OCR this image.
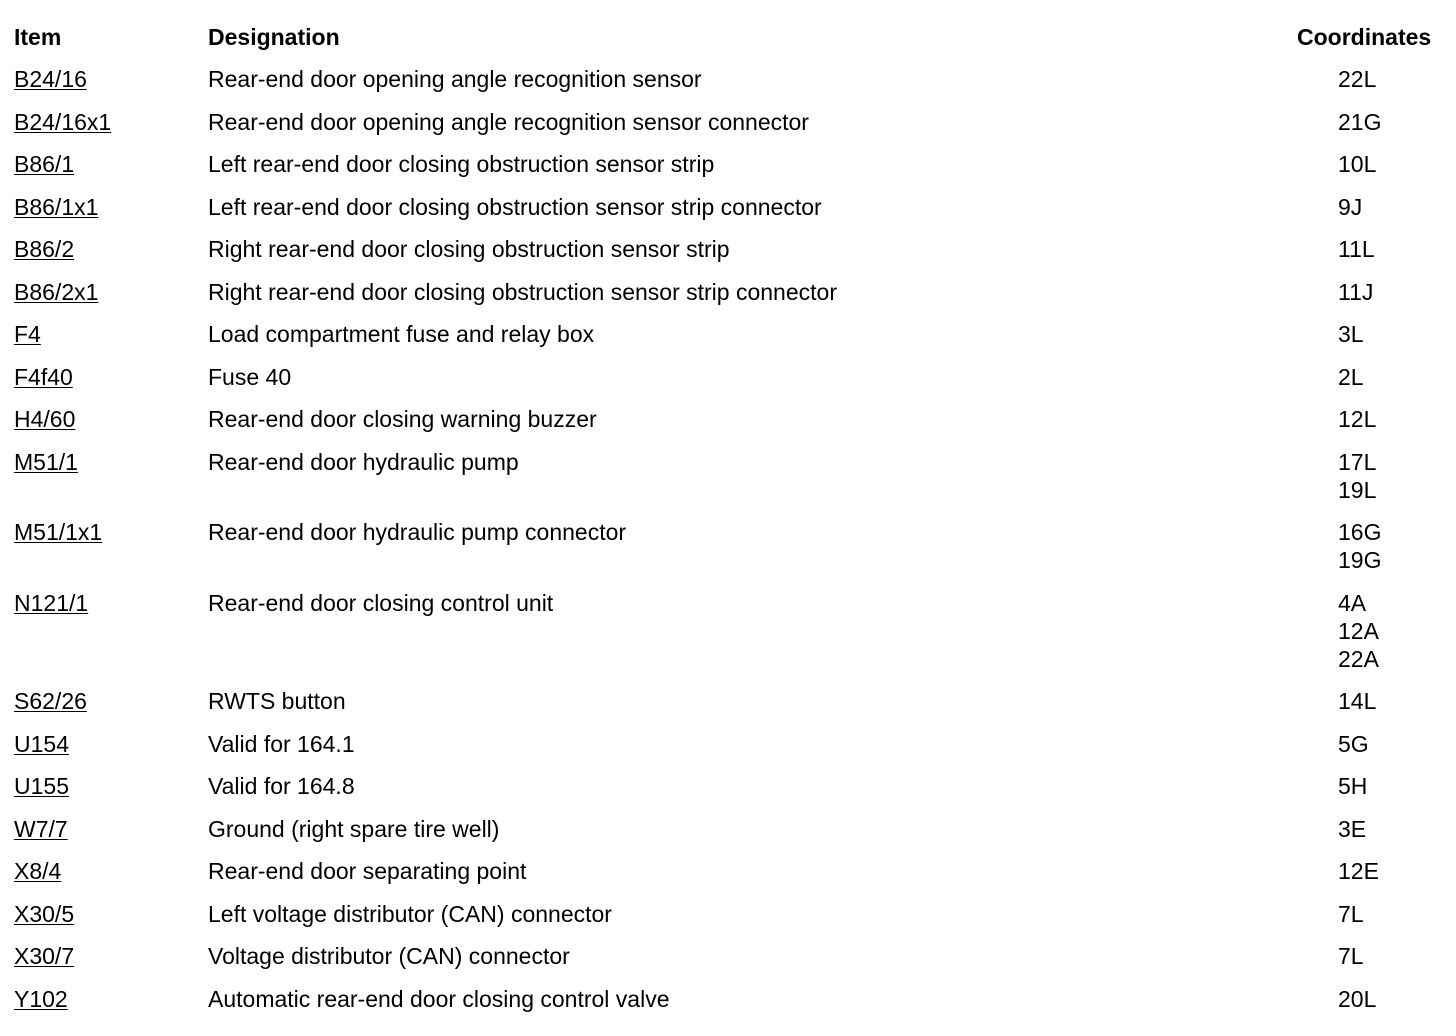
Item	Designation	Coordinates
B24/16	Rear-end door opening angle recognition sensor	22L
B24/16x1	Rear-end door opening angle recognition sensor connector	21G
B86/1	Left rear-end door closing obstruction sensor strip	10L
B86/1x1	Left rear-end door closing obstruction sensor strip connector	9J
B86/2	Right rear-end door closing obstruction sensor strip	11L
B86/2x1	Right rear-end door closing obstruction sensor strip connector	11J
F4	Load compartment fuse and relay box	3L
F4f40	Fuse 40	2L
H4/60	Rear-end door closing warning buzzer	12L
M51/1	Rear-end door hydraulic pump	17L
19L
M51/1x1	Rear-end door hydraulic pump connector	16G
19G
N121/1	Rear-end door closing control unit	4A
12A
22A
S62/26	RWTS button	14L
U154	Valid for 164.1	5G
U155	Valid for 164.8	5H
W7/7	Ground (right spare tire well)	3E
X8/4	Rear-end door separating point	12E
X30/5	Left voltage distributor (CAN) connector	7L
X30/7	Voltage distributor (CAN) connector	7L
Y102	Automatic rear-end door closing control valve	20L
